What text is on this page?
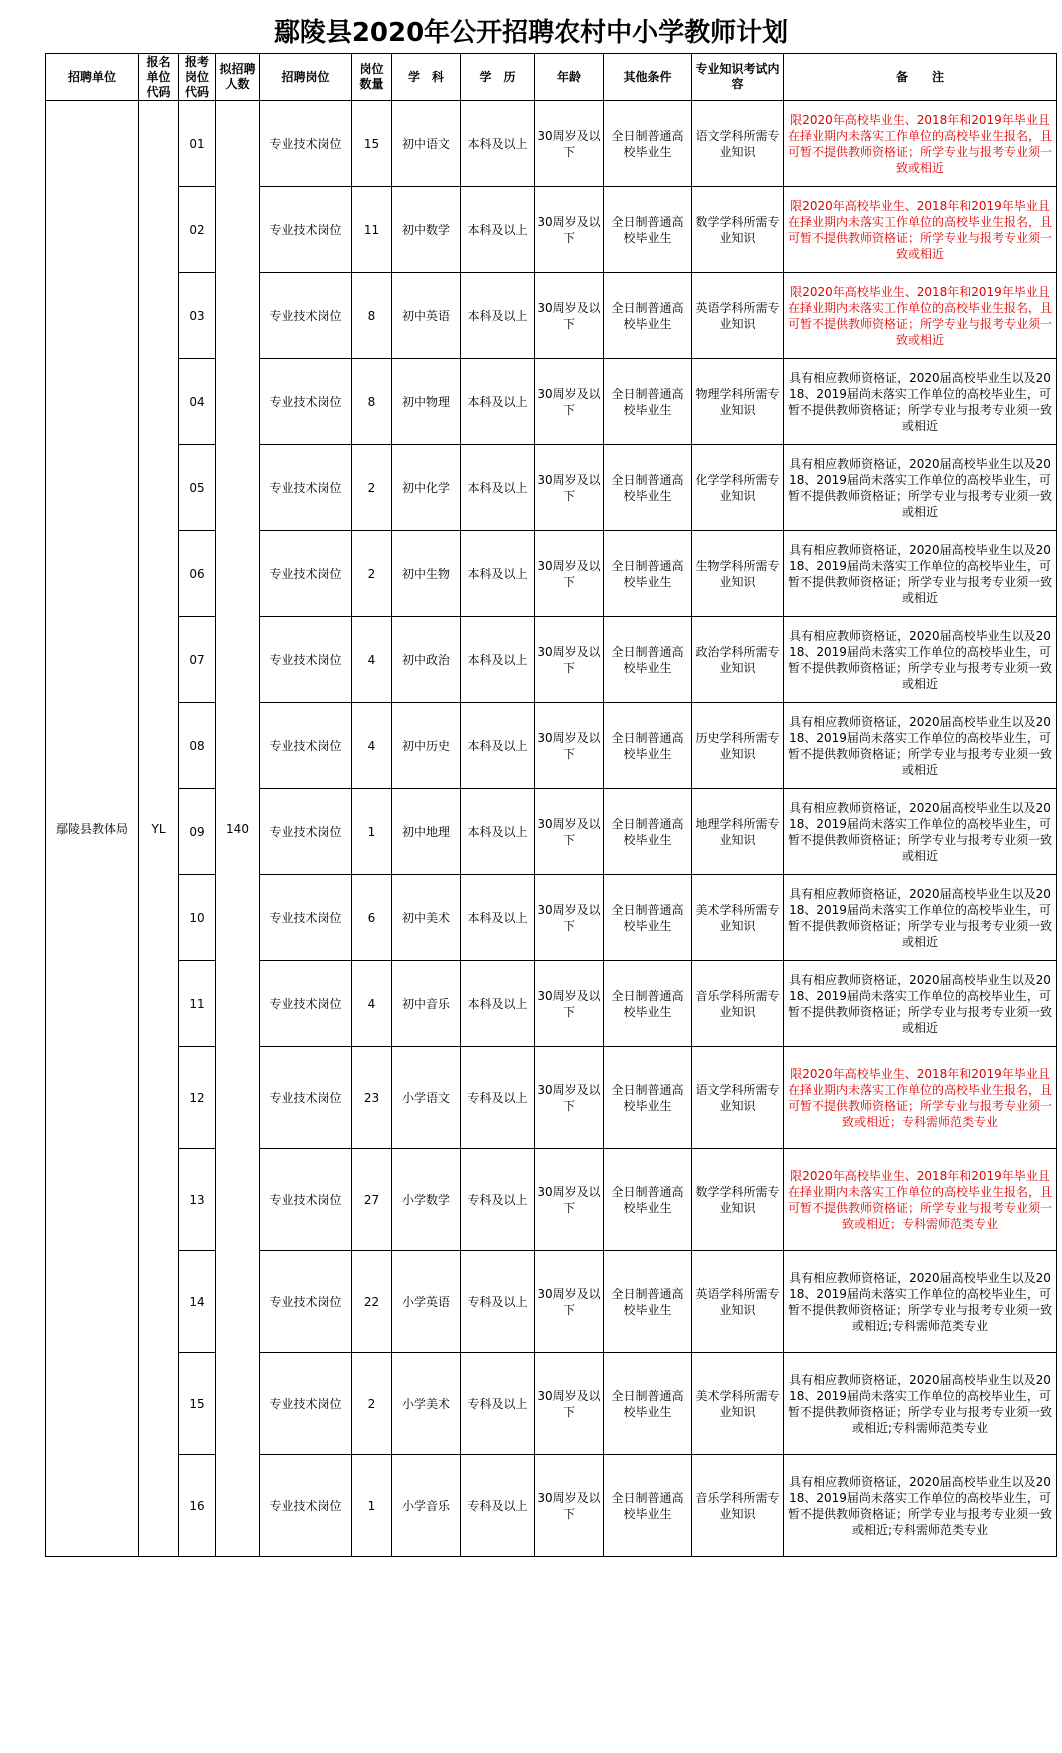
鄢陵县2020年公开招聘农村中小学教师计划
招聘单位	报名单位代码	报考岗位代码	拟招聘人数	招聘岗位	岗位数量	学　科	学　历	年龄	其他条件	专业知识考试内容	备　　注
鄢陵县教体局	YL	01	140	专业技术岗位	15	初中语文	本科及以上	30周岁及以下	全日制普通高校毕业生	语文学科所需专业知识	限2020年高校毕业生、2018年和2019年毕业且在择业期内未落实工作单位的高校毕业生报名，且可暂不提供教师资格证；所学专业与报考专业须一致或相近
		02		专业技术岗位	11	初中数学	本科及以上	30周岁及以下	全日制普通高校毕业生	数学学科所需专业知识	限2020年高校毕业生、2018年和2019年毕业且在择业期内未落实工作单位的高校毕业生报名，且可暂不提供教师资格证；所学专业与报考专业须一致或相近
		03		专业技术岗位	8	初中英语	本科及以上	30周岁及以下	全日制普通高校毕业生	英语学科所需专业知识	限2020年高校毕业生、2018年和2019年毕业且在择业期内未落实工作单位的高校毕业生报名，且可暂不提供教师资格证；所学专业与报考专业须一致或相近
		04		专业技术岗位	8	初中物理	本科及以上	30周岁及以下	全日制普通高校毕业生	物理学科所需专业知识	具有相应教师资格证，2020届高校毕业生以及2018、2019届尚未落实工作单位的高校毕业生，可暂不提供教师资格证；所学专业与报考专业须一致或相近
		05		专业技术岗位	2	初中化学	本科及以上	30周岁及以下	全日制普通高校毕业生	化学学科所需专业知识	具有相应教师资格证，2020届高校毕业生以及2018、2019届尚未落实工作单位的高校毕业生，可暂不提供教师资格证；所学专业与报考专业须一致或相近
		06		专业技术岗位	2	初中生物	本科及以上	30周岁及以下	全日制普通高校毕业生	生物学科所需专业知识	具有相应教师资格证，2020届高校毕业生以及2018、2019届尚未落实工作单位的高校毕业生，可暂不提供教师资格证；所学专业与报考专业须一致或相近
		07		专业技术岗位	4	初中政治	本科及以上	30周岁及以下	全日制普通高校毕业生	政治学科所需专业知识	具有相应教师资格证，2020届高校毕业生以及2018、2019届尚未落实工作单位的高校毕业生，可暂不提供教师资格证；所学专业与报考专业须一致或相近
		08		专业技术岗位	4	初中历史	本科及以上	30周岁及以下	全日制普通高校毕业生	历史学科所需专业知识	具有相应教师资格证，2020届高校毕业生以及2018、2019届尚未落实工作单位的高校毕业生，可暂不提供教师资格证；所学专业与报考专业须一致或相近
		09		专业技术岗位	1	初中地理	本科及以上	30周岁及以下	全日制普通高校毕业生	地理学科所需专业知识	具有相应教师资格证，2020届高校毕业生以及2018、2019届尚未落实工作单位的高校毕业生，可暂不提供教师资格证；所学专业与报考专业须一致或相近
		10		专业技术岗位	6	初中美术	本科及以上	30周岁及以下	全日制普通高校毕业生	美术学科所需专业知识	具有相应教师资格证，2020届高校毕业生以及2018、2019届尚未落实工作单位的高校毕业生，可暂不提供教师资格证；所学专业与报考专业须一致或相近
		11		专业技术岗位	4	初中音乐	本科及以上	30周岁及以下	全日制普通高校毕业生	音乐学科所需专业知识	具有相应教师资格证，2020届高校毕业生以及2018、2019届尚未落实工作单位的高校毕业生，可暂不提供教师资格证；所学专业与报考专业须一致或相近
		12		专业技术岗位	23	小学语文	专科及以上	30周岁及以下	全日制普通高校毕业生	语文学科所需专业知识	限2020年高校毕业生、2018年和2019年毕业且在择业期内未落实工作单位的高校毕业生报名，且可暂不提供教师资格证；所学专业与报考专业须一致或相近；专科需师范类专业
		13		专业技术岗位	27	小学数学	专科及以上	30周岁及以下	全日制普通高校毕业生	数学学科所需专业知识	限2020年高校毕业生、2018年和2019年毕业且在择业期内未落实工作单位的高校毕业生报名，且可暂不提供教师资格证；所学专业与报考专业须一致或相近；专科需师范类专业
		14		专业技术岗位	22	小学英语	专科及以上	30周岁及以下	全日制普通高校毕业生	英语学科所需专业知识	具有相应教师资格证，2020届高校毕业生以及2018、2019届尚未落实工作单位的高校毕业生，可暂不提供教师资格证；所学专业与报考专业须一致或相近;专科需师范类专业
		15		专业技术岗位	2	小学美术	专科及以上	30周岁及以下	全日制普通高校毕业生	美术学科所需专业知识	具有相应教师资格证，2020届高校毕业生以及2018、2019届尚未落实工作单位的高校毕业生，可暂不提供教师资格证；所学专业与报考专业须一致或相近;专科需师范类专业
		16		专业技术岗位	1	小学音乐	专科及以上	30周岁及以下	全日制普通高校毕业生	音乐学科所需专业知识	具有相应教师资格证，2020届高校毕业生以及2018、2019届尚未落实工作单位的高校毕业生，可暂不提供教师资格证；所学专业与报考专业须一致或相近;专科需师范类专业
